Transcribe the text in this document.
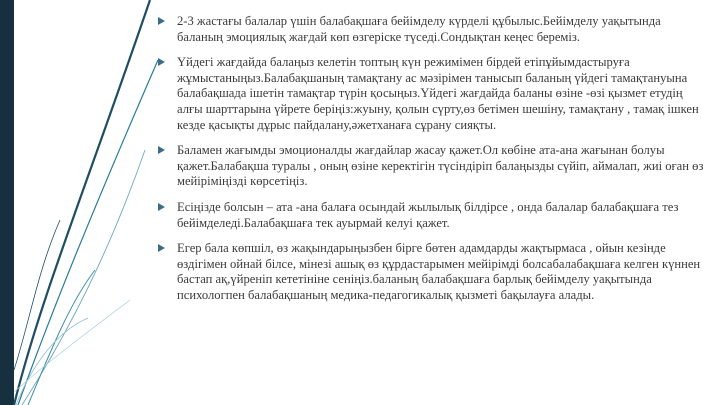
2-3 жастағы балалар үшін балабақшаға бейімделу күрделі құбылыс.Бейімделу уақытында баланың эмоциялық жағдай көп өзгеріске түседі.Сондықтан кеңес береміз.
Үйдегі жағдайда балаңыз келетін топтың күн режимімен бірдей етіпұйымдастыруға жұмыстаныңыз.Балабақшаның тамақтану ас мәзірімен танысып баланың үйдегі тамақтануына балабақшада ішетін тамақтар түрін қосыңыз.Үйдегі жағдайда баланы өзіне -өзі қызмет етудің алғы шарттарына үйрете беріңіз:жуыну, қолын сүрту,өз бетімен шешіну, тамақтану , тамақ ішкен кезде қасықты дұрыс пайдалану,әжетханаға сұрану сияқты.
Баламен жағымды эмоционалды жағдайлар жасау қажет.Ол көбіне ата-ана жағынан болуы қажет.Балабақша туралы , оның өзіне керектігін түсіндіріп балаңызды сүйіп, аймалап, жиі оған өз мейіріміңізді көрсетіңіз.
Есіңізде болсын – ата -ана балаға осындай жылылық білдірсе , онда балалар балабақшаға тез бейімделеді.Балабақшаға тек ауырмай келуі қажет.
Егер бала көпшіл, өз жақындарыңызбен бірге бөтен адамдарды жақтырмаса , ойын кезінде өздігімен ойнай білсе, мінезі ашық өз құрдастарымен мейірімді болсабалабақшаға келген күннен бастап ақ,үйреніп кететініне сеніңіз.баланың балабақшаға барлық бейімделу уақытында психологпен балабақшаның медика-педагогикалық қызметі бақылауға алады.
